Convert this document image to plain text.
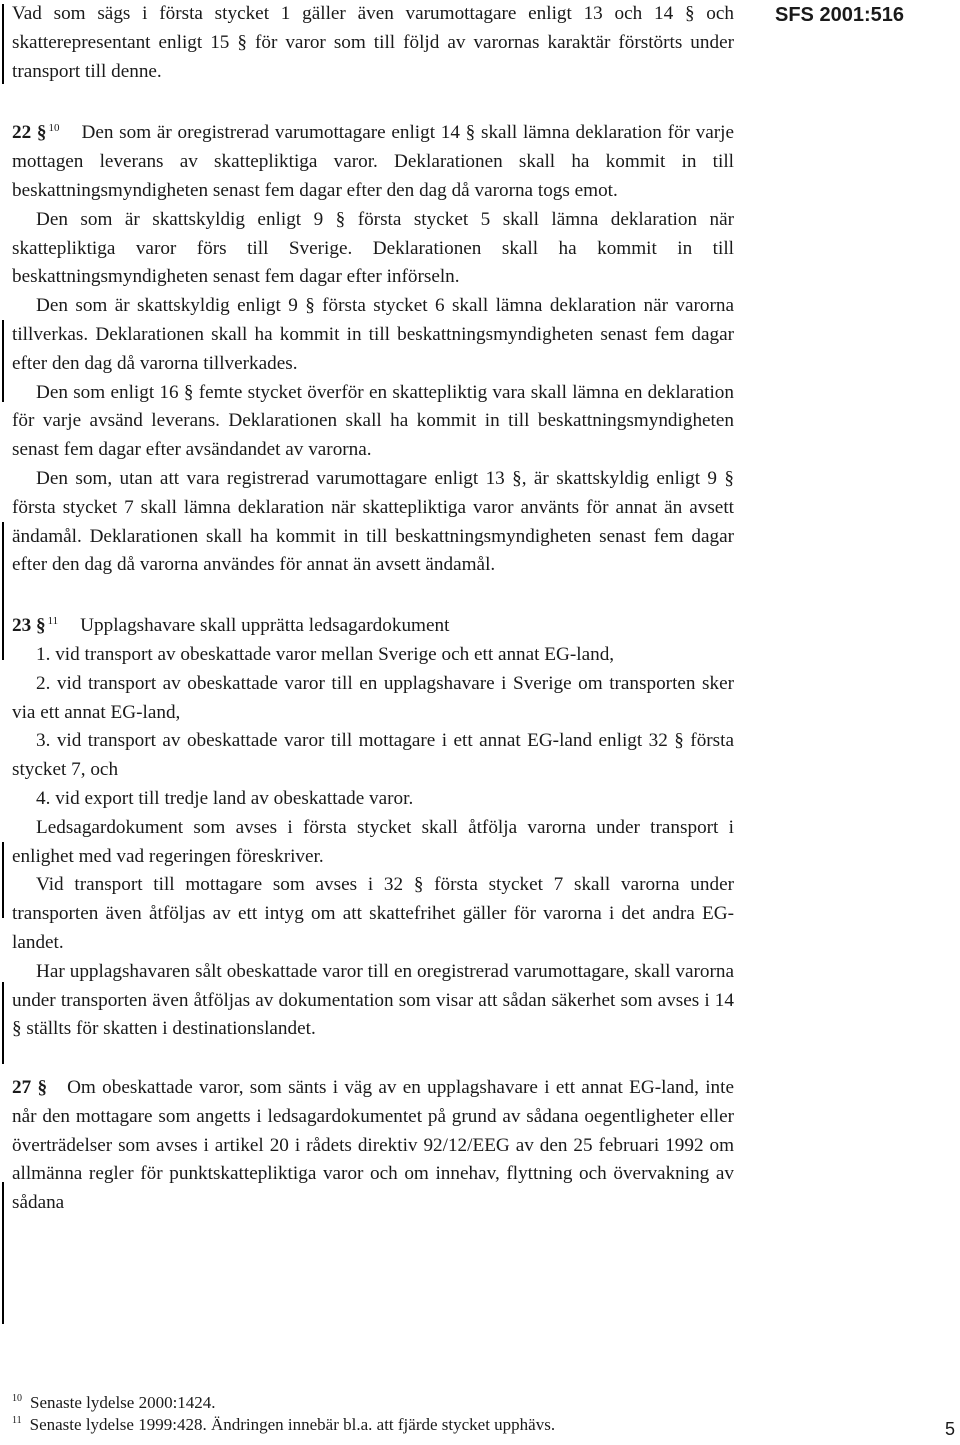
SFS 2001:516

Vad som sägs i första stycket 1 gäller även varumottagare enligt 13 och 14 § och skatterepresentant enligt 15 § för varor som till följd av varornas karaktär förstörts under transport till denne.

22 § $^{10}$ Den som är oregistrerad varumottagare enligt 14 § skall lämna deklaration för varje mottagen leverans av skattepliktiga varor. Deklarationen skall ha kommit in till beskattningsmyndigheten senast fem dagar efter den dag då varorna togs emot.

Den som är skattskyldig enligt 9 § första stycket 5 skall lämna deklaration när skattepliktiga varor förs till Sverige. Deklarationen skall ha kommit in till beskattningsmyndigheten senast fem dagar efter införseln.

Den som är skattskyldig enligt 9 § första stycket 6 skall lämna deklaration när varorna tillverkas. Deklarationen skall ha kommit in till beskattningsmyndigheten senast fem dagar efter den dag då varorna tillverkades.

Den som enligt 16 § femte stycket överför en skattepliktig vara skall lämna en deklaration för varje avsänd leverans. Deklarationen skall ha kommit in till beskattningsmyndigheten senast fem dagar efter avsändandet av varorna.

Den som, utan att vara registrerad varumottagare enligt 13 §, är skattskyldig enligt 9 § första stycket 7 skall lämna deklaration när skattepliktiga varor använts för annat än avsett ändamål. Deklarationen skall ha kommit in till beskattningsmyndigheten senast fem dagar efter den dag då varorna användes för annat än avsett ändamål.

23 § $^{11}$ Upplagshavare skall upprätta ledsagardokument

1. vid transport av obeskattade varor mellan Sverige och ett annat EG-land,

2. vid transport av obeskattade varor till en upplagshavare i Sverige om transporten sker via ett annat EG-land,

3. vid transport av obeskattade varor till mottagare i ett annat EG-land enligt 32 § första stycket 7, och

4. vid export till tredje land av obeskattade varor.

Ledsagardokument som avses i första stycket skall åtfölja varorna under transport i enlighet med vad regeringen föreskriver.

Vid transport till mottagare som avses i 32 § första stycket 7 skall varorna under transporten även åtföljas av ett intyg om att skattefrihet gäller för varorna i det andra EG-landet.

Har upplagshavaren sålt obeskattade varor till en oregistrerad varumottagare, skall varorna under transporten även åtföljas av dokumentation som visar att sådan säkerhet som avses i 14 § ställts för skatten i destinationslandet.

27 § Om obeskattade varor, som sänts i väg av en upplagshavare i ett annat EG-land, inte når den mottagare som angetts i ledsagardokumentet på grund av sådana oegentligheter eller överträdelser som avses i artikel 20 i rådets direktiv 92/12/EEG av den 25 februari 1992 om allmänna regler för punktskattepliktiga varor och om innehav, flyttning och övervakning av sådana

$^{10}$ Senaste lydelse 2000:1424.

$^{11}$ Senaste lydelse 1999:428. Ändringen innebär bl.a. att fjärde stycket upphävs.	5
